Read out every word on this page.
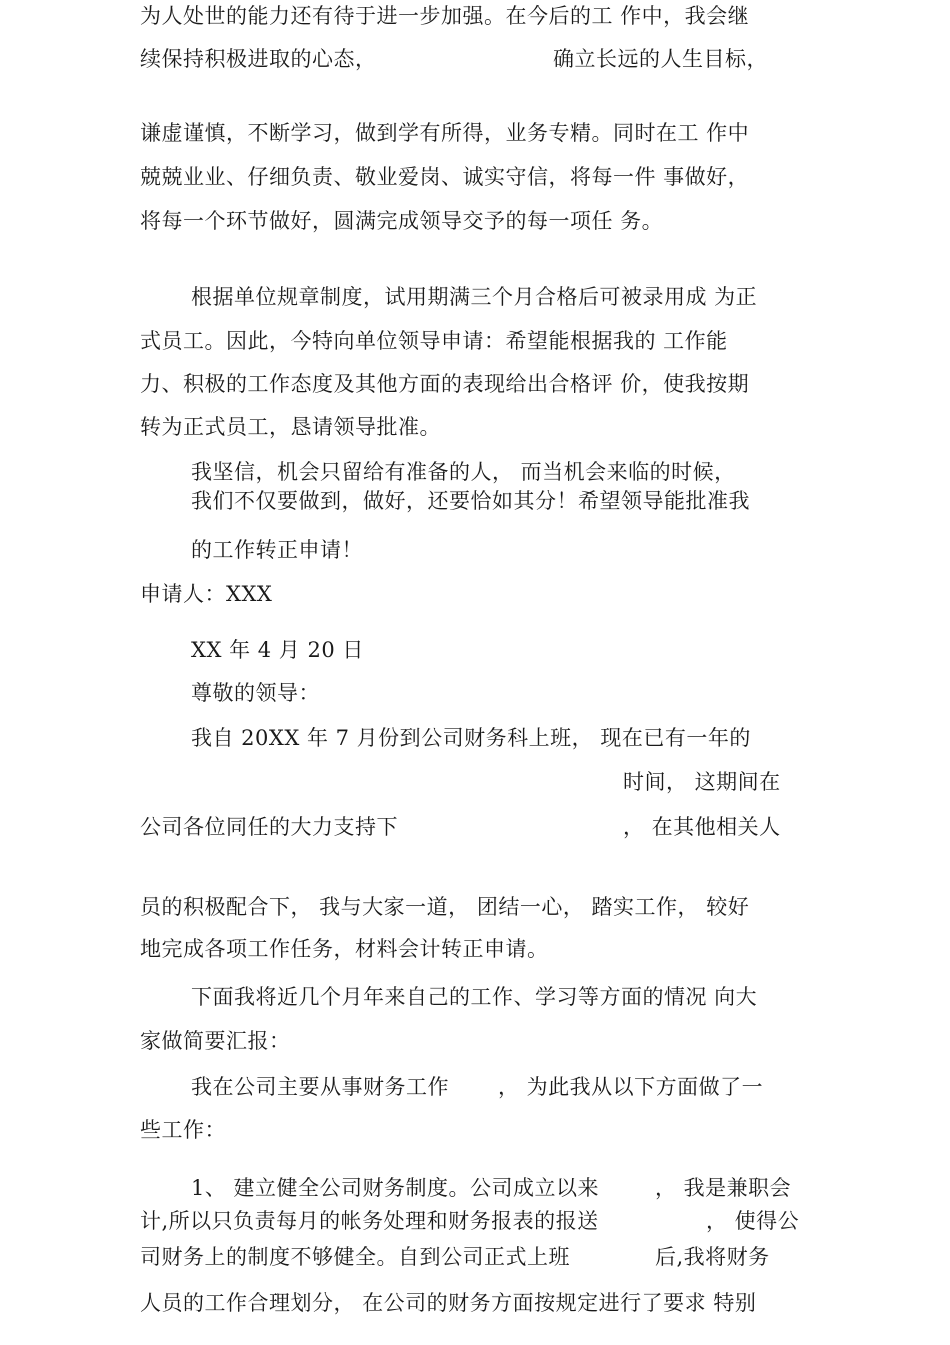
为人处世的能力还有待于进一步加强。在今后的工 作中，我会继
续保持积极进取的心态，	确立长远的人生目标，
谦虚谨慎，不断学习，做到学有所得，业务专精。同时在工 作中
兢兢业业、仔细负责、敬业爱岗、诚实守信，将每一件 事做好，
将每一个环节做好，圆满完成领导交予的每一项任 务。
根据单位规章制度，试用期满三个月合格后可被录用成 为正
式员工。因此，今特向单位领导申请：希望能根据我的 工作能
力、积极的工作态度及其他方面的表现给出合格评 价，使我按期
转为正式员工，恳请领导批准。
我坚信，机会只留给有准备的人， 而当机会来临的时候，
我们不仅要做到，做好，还要恰如其分！希望领导能批准我
的工作转正申请！
申请人：XXX
XX 年 4 月 20 日
尊敬的领导：
我自 20XX 年 7 月份到公司财务科上班， 现在已有一年的
时间， 这期间在
公司各位同任的大力支持下	， 在其他相关人
员的积极配合下， 我与大家一道， 团结一心， 踏实工作， 较好
地完成各项工作任务，材料会计转正申请。
下面我将近几个月年来自己的工作、学习等方面的情况 向大
家做简要汇报：
我在公司主要从事财务工作 ， 为此我从以下方面做了一
些工作：
1、 建立健全公司财务制度。公司成立以来	， 我是兼职会
计,所以只负责每月的帐务处理和财务报表的报送	， 使得公
司财务上的制度不够健全。自到公司正式上班	后,我将财务
人员的工作合理划分， 在公司的财务方面按规定进行了要求 特别
